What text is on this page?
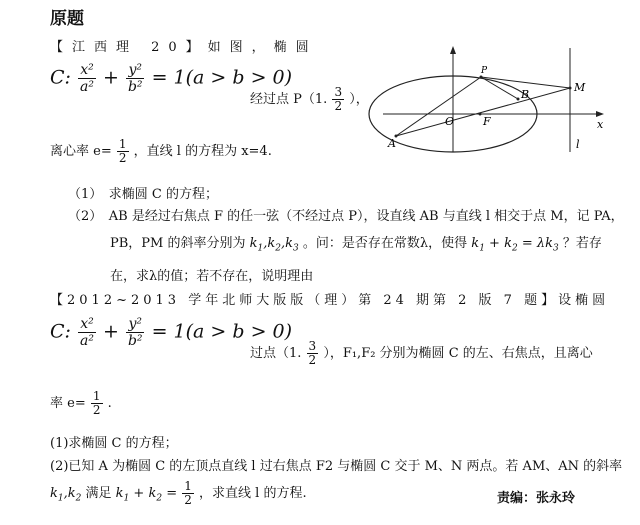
原题
【江西理 20】如图，椭圆
C: $\frac{\text{x²}}{\text{a²}} + \frac{\text{y²}}{\text{b²}} = 1(a > b > 0)$
经过点 P（1. $\frac{3}{2}$ ），
离心率 $e= \frac{1}{2}$ ，直线 l 的方程为 x=4.
（1）　求椭圆 C 的方程；
（2）　AB 是经过右焦点 F 的任一弦（不经过点 P），设直线 AB 与直线 l 相交于点 M，记 PA，
PB，PM 的斜率分别为 $k_1,k_2,k_3$ 。问：是否存在常数λ，使得 $k_1 + k_2 = \lambda k_3$ ？若存
在，求λ的值；若不存在，说明理由
x
l
P
B
M
O	F
A
【2012~2013 学年北师大版版（理）第 24 期第 2 版 7 题】设椭圆
C: $\frac{\text{x²}}{\text{a²}} + \frac{\text{y²}}{\text{b²}} = 1(a > b > 0)$
过点（1. $\frac{3}{2}$ ），F₁,F₂ 分别为椭圆 C 的左、右焦点，且离心
率 $e= \frac{1}{2}$ .
(1)求椭圆 C 的方程；
(2)已知 A 为椭圆 C 的左顶点直线 l 过右焦点 F2 与椭圆 C 交于 M、N 两点。若 AM、AN 的斜率
$k_1,k_2$ 满足 $k_1 + k_2 = \frac{1}{2}$ ，求直线 l 的方程.	责编：张永玲
